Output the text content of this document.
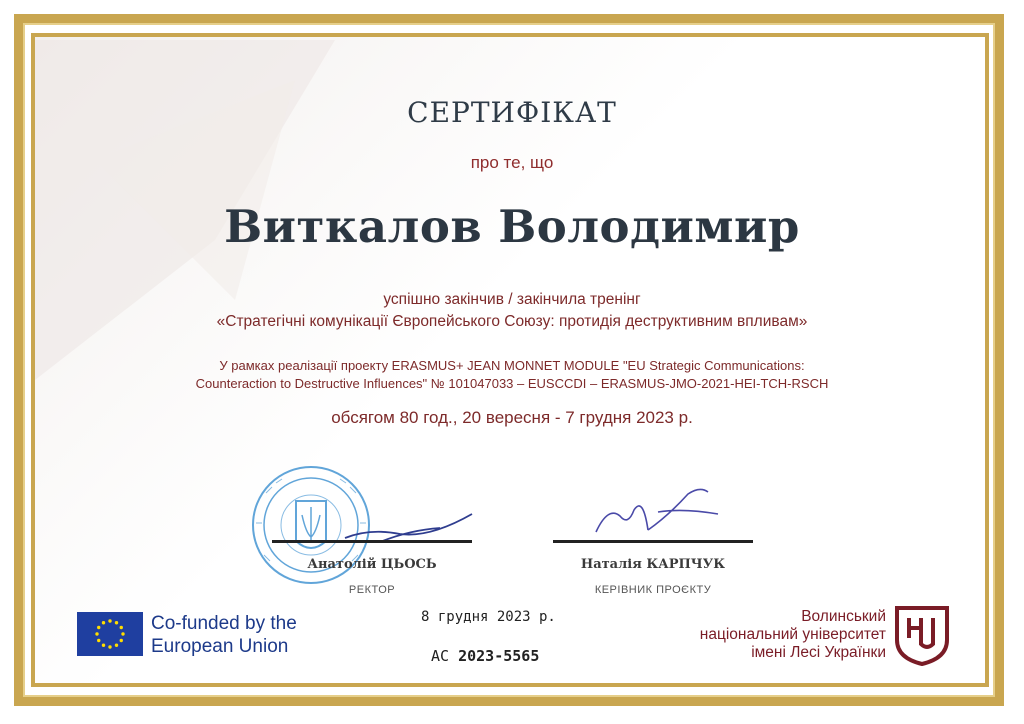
СЕРТИФІКАТ
про те, що
Виткалов Володимир
успішно закінчив / закінчила тренінг
«Стратегічні комунікації Європейського Союзу: протидія деструктивним впливам»
У рамках реалізації проекту ERASMUS+ JEAN MONNET MODULE "EU Strategic Communications:
Counteraction to Destructive Influences" № 101047033 – EUSCCDI – ERASMUS-JMO-2021-HEI-TCH-RSCH
обсягом 80 год., 20 вересня - 7 грудня 2023 р.
Анатолій ЦЬОСЬ	Наталія КАРПЧУК
РЕКТОР	КЕРІВНИК ПРОЄКТУ
Co-funded by the
European Union
8 грудня 2023 р.
АС 2023-5565
Волинський
національний університет
імені Лесі Українки
